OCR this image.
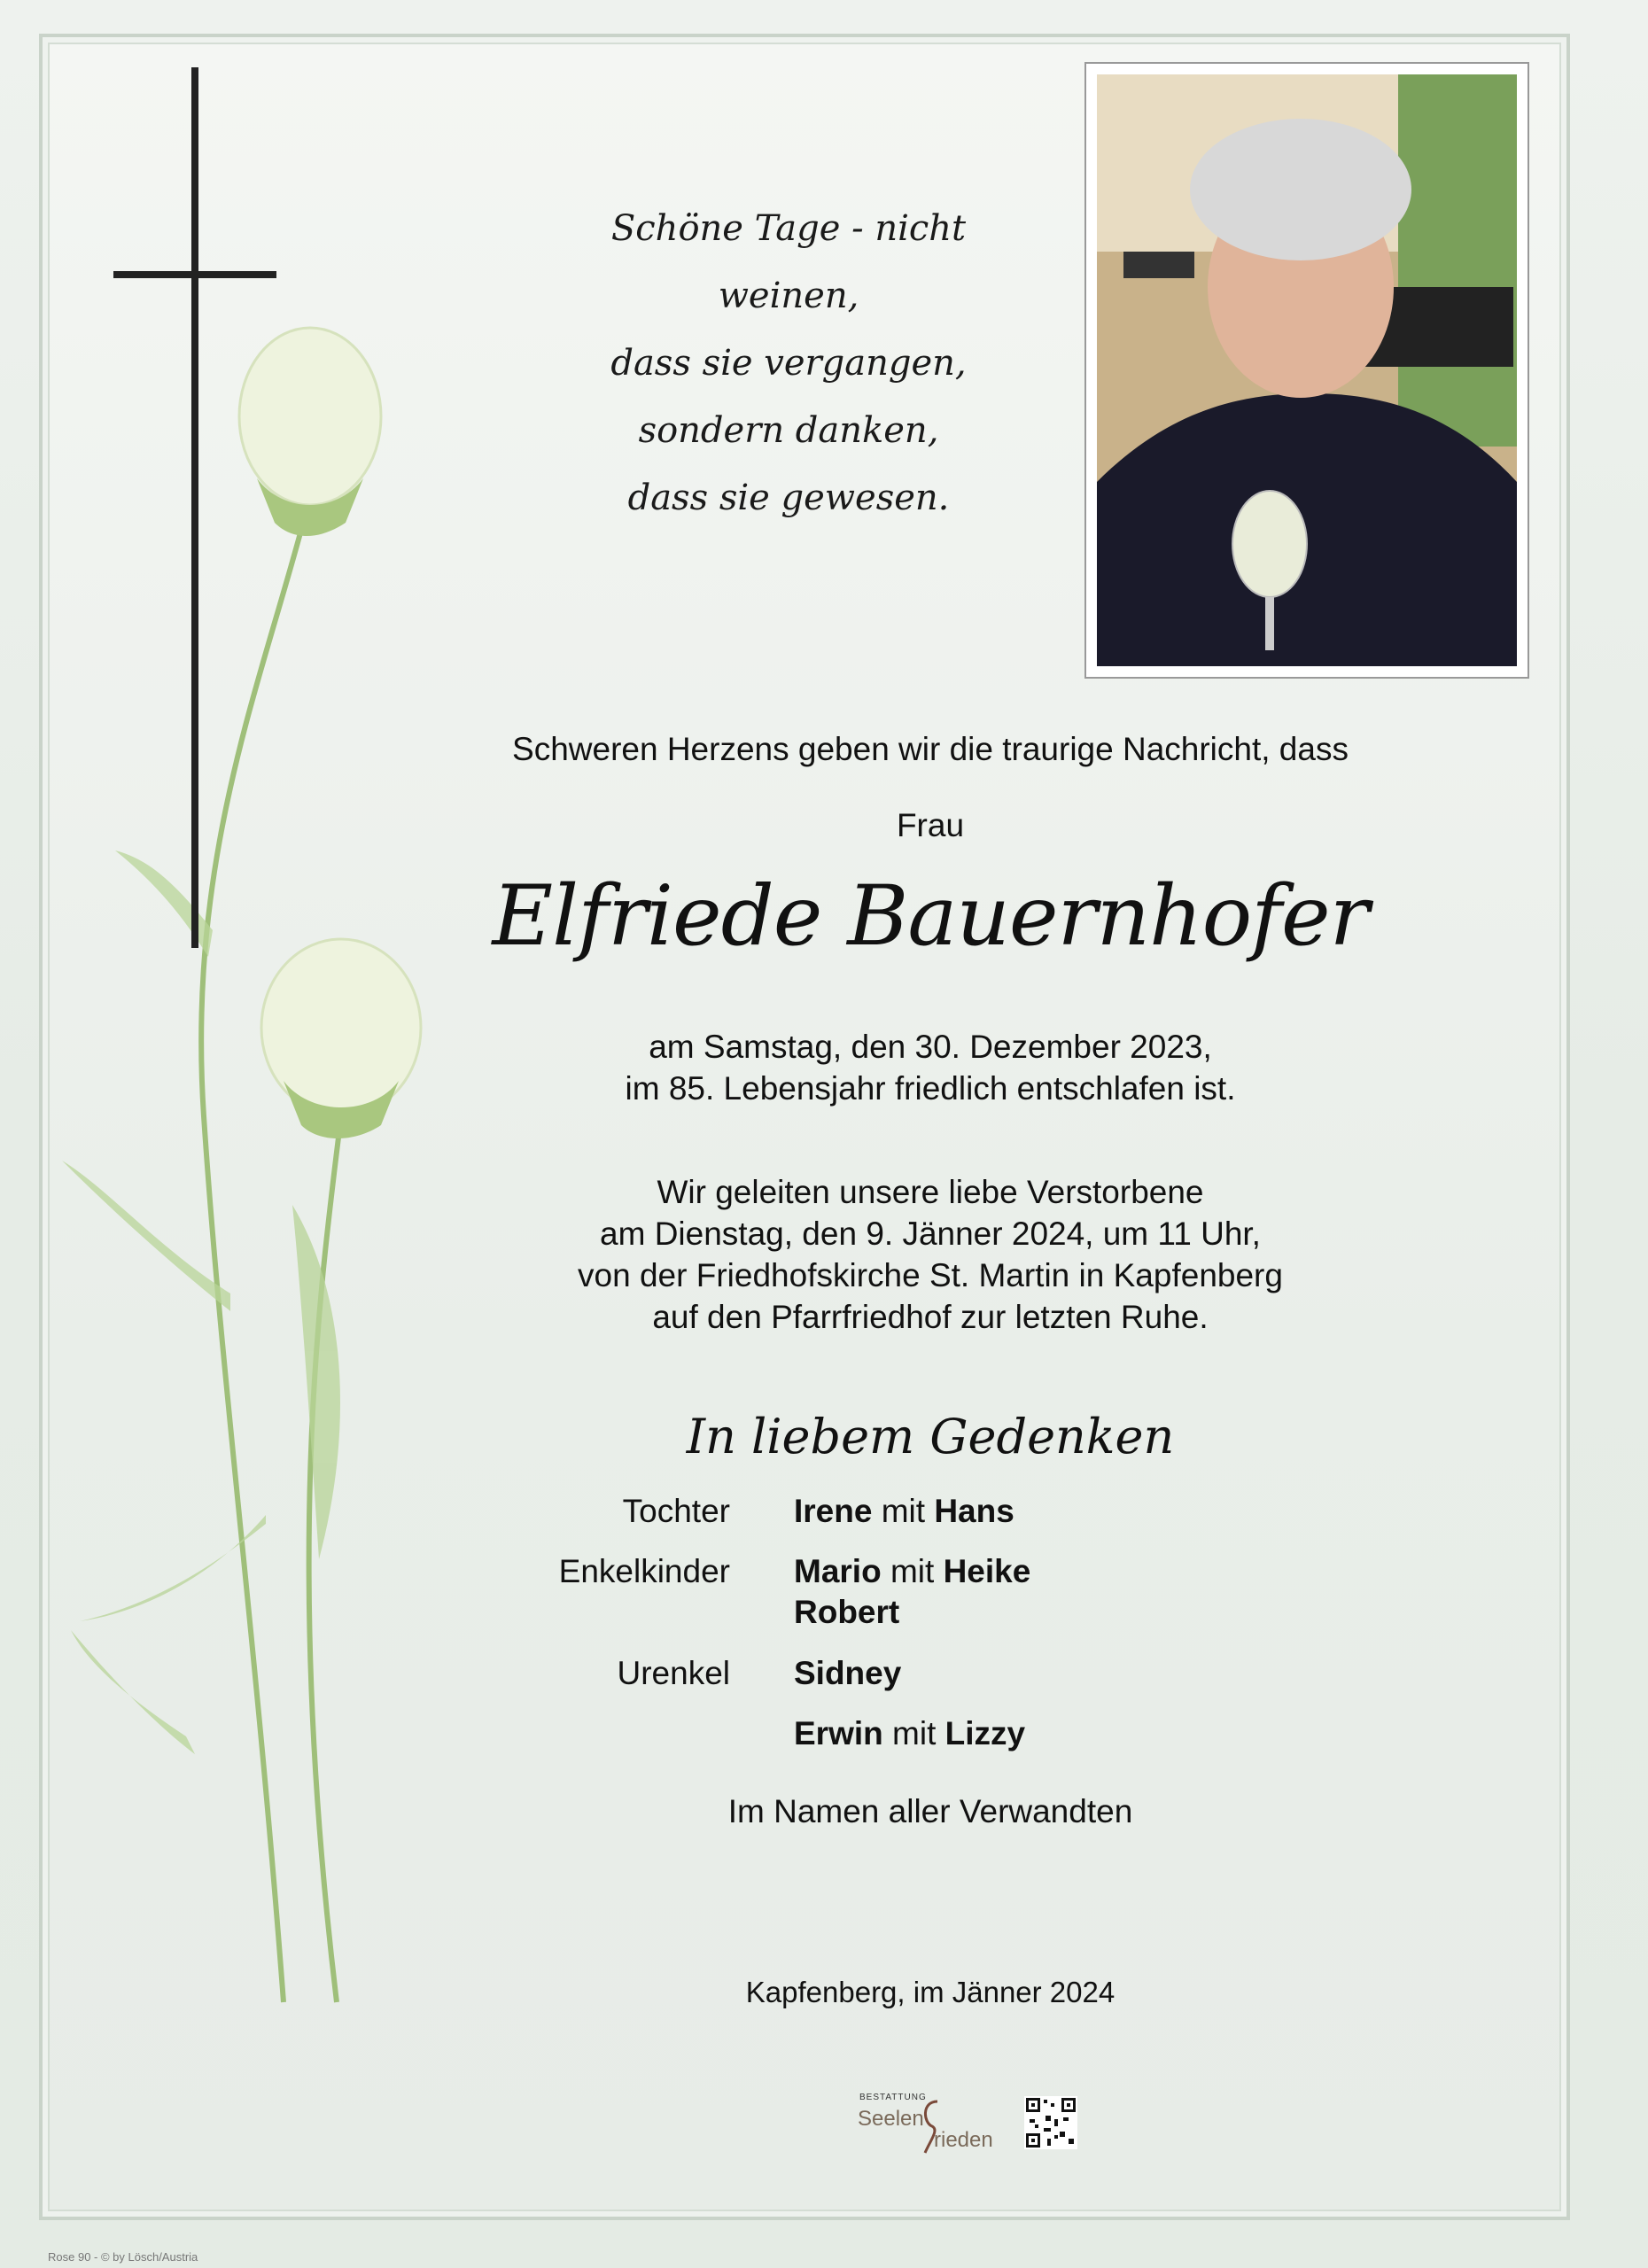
Schöne Tage - nicht
weinen,
dass sie vergangen,
sondern danken,
dass sie gewesen.
Schweren Herzens geben wir die traurige Nachricht, dass
Frau
Elfriede Bauernhofer
am Samstag, den 30. Dezember 2023,
im 85. Lebensjahr friedlich entschlafen ist.
Wir geleiten unsere liebe Verstorbene
am Dienstag, den 9. Jänner 2024, um 11 Uhr,
von der Friedhofskirche St. Martin in Kapfenberg
auf den Pfarrfriedhof zur letzten Ruhe.
In liebem Gedenken
Tochter Irene mit Hans
Enkelkinder Mario mit Heike
Robert
Urenkel Sidney
Erwin mit Lizzy
Im Namen aller Verwandten
Kapfenberg, im Jänner 2024
BESTATTUNG
Seelen
rieden
Rose 90 - © by Lösch/Austria
